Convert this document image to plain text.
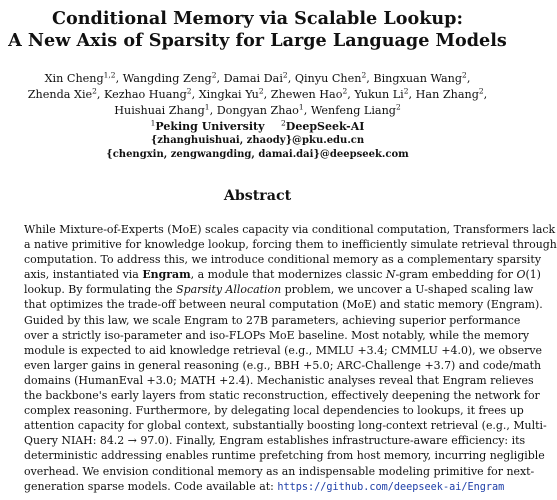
Conditional Memory via Scalable Lookup:
A New Axis of Sparsity for Large Language Models
Xin Cheng$^{1,2}$, Wangding Zeng$^2$, Damai Dai$^2$, Qinyu Chen$^2$, Bingxuan Wang$^2$,
Zhenda Xie$^2$, Kezhao Huang$^2$, Xingkai Yu$^2$, Zhewen Hao$^2$, Yukun Li$^2$, Han Zhang$^2$,
Huishuai Zhang$^1$, Dongyan Zhao$^1$, Wenfeng Liang$^2$
$^1$Peking University   $^2$DeepSeek-AI
{zhanghuishuai, zhaody}@pku.edu.cn
{chengxin, zengwangding, damai.dai}@deepseek.com
Abstract
While Mixture-of-Experts (MoE) scales capacity via conditional computation, Transformers lack
a native primitive for knowledge lookup, forcing them to inefficiently simulate retrieval through
computation. To address this, we introduce conditional memory as a complementary sparsity
axis, instantiated via Engram, a module that modernizes classic N-gram embedding for O(1)
lookup. By formulating the Sparsity Allocation problem, we uncover a U-shaped scaling law
that optimizes the trade-off between neural computation (MoE) and static memory (Engram).
Guided by this law, we scale Engram to 27B parameters, achieving superior performance
over a strictly iso-parameter and iso-FLOPs MoE baseline. Most notably, while the memory
module is expected to aid knowledge retrieval (e.g., MMLU +3.4; CMMLU +4.0), we observe
even larger gains in general reasoning (e.g., BBH +5.0; ARC-Challenge +3.7) and code/math
domains (HumanEval +3.0; MATH +2.4). Mechanistic analyses reveal that Engram relieves
the backbone's early layers from static reconstruction, effectively deepening the network for
complex reasoning. Furthermore, by delegating local dependencies to lookups, it frees up
attention capacity for global context, substantially boosting long-context retrieval (e.g., Multi-
Query NIAH: 84.2 → 97.0). Finally, Engram establishes infrastructure-aware efficiency: its
deterministic addressing enables runtime prefetching from host memory, incurring negligible
overhead. We envision conditional memory as an indispensable modeling primitive for next-
generation sparse models. Code available at: https://github.com/deepseek-ai/Engram
